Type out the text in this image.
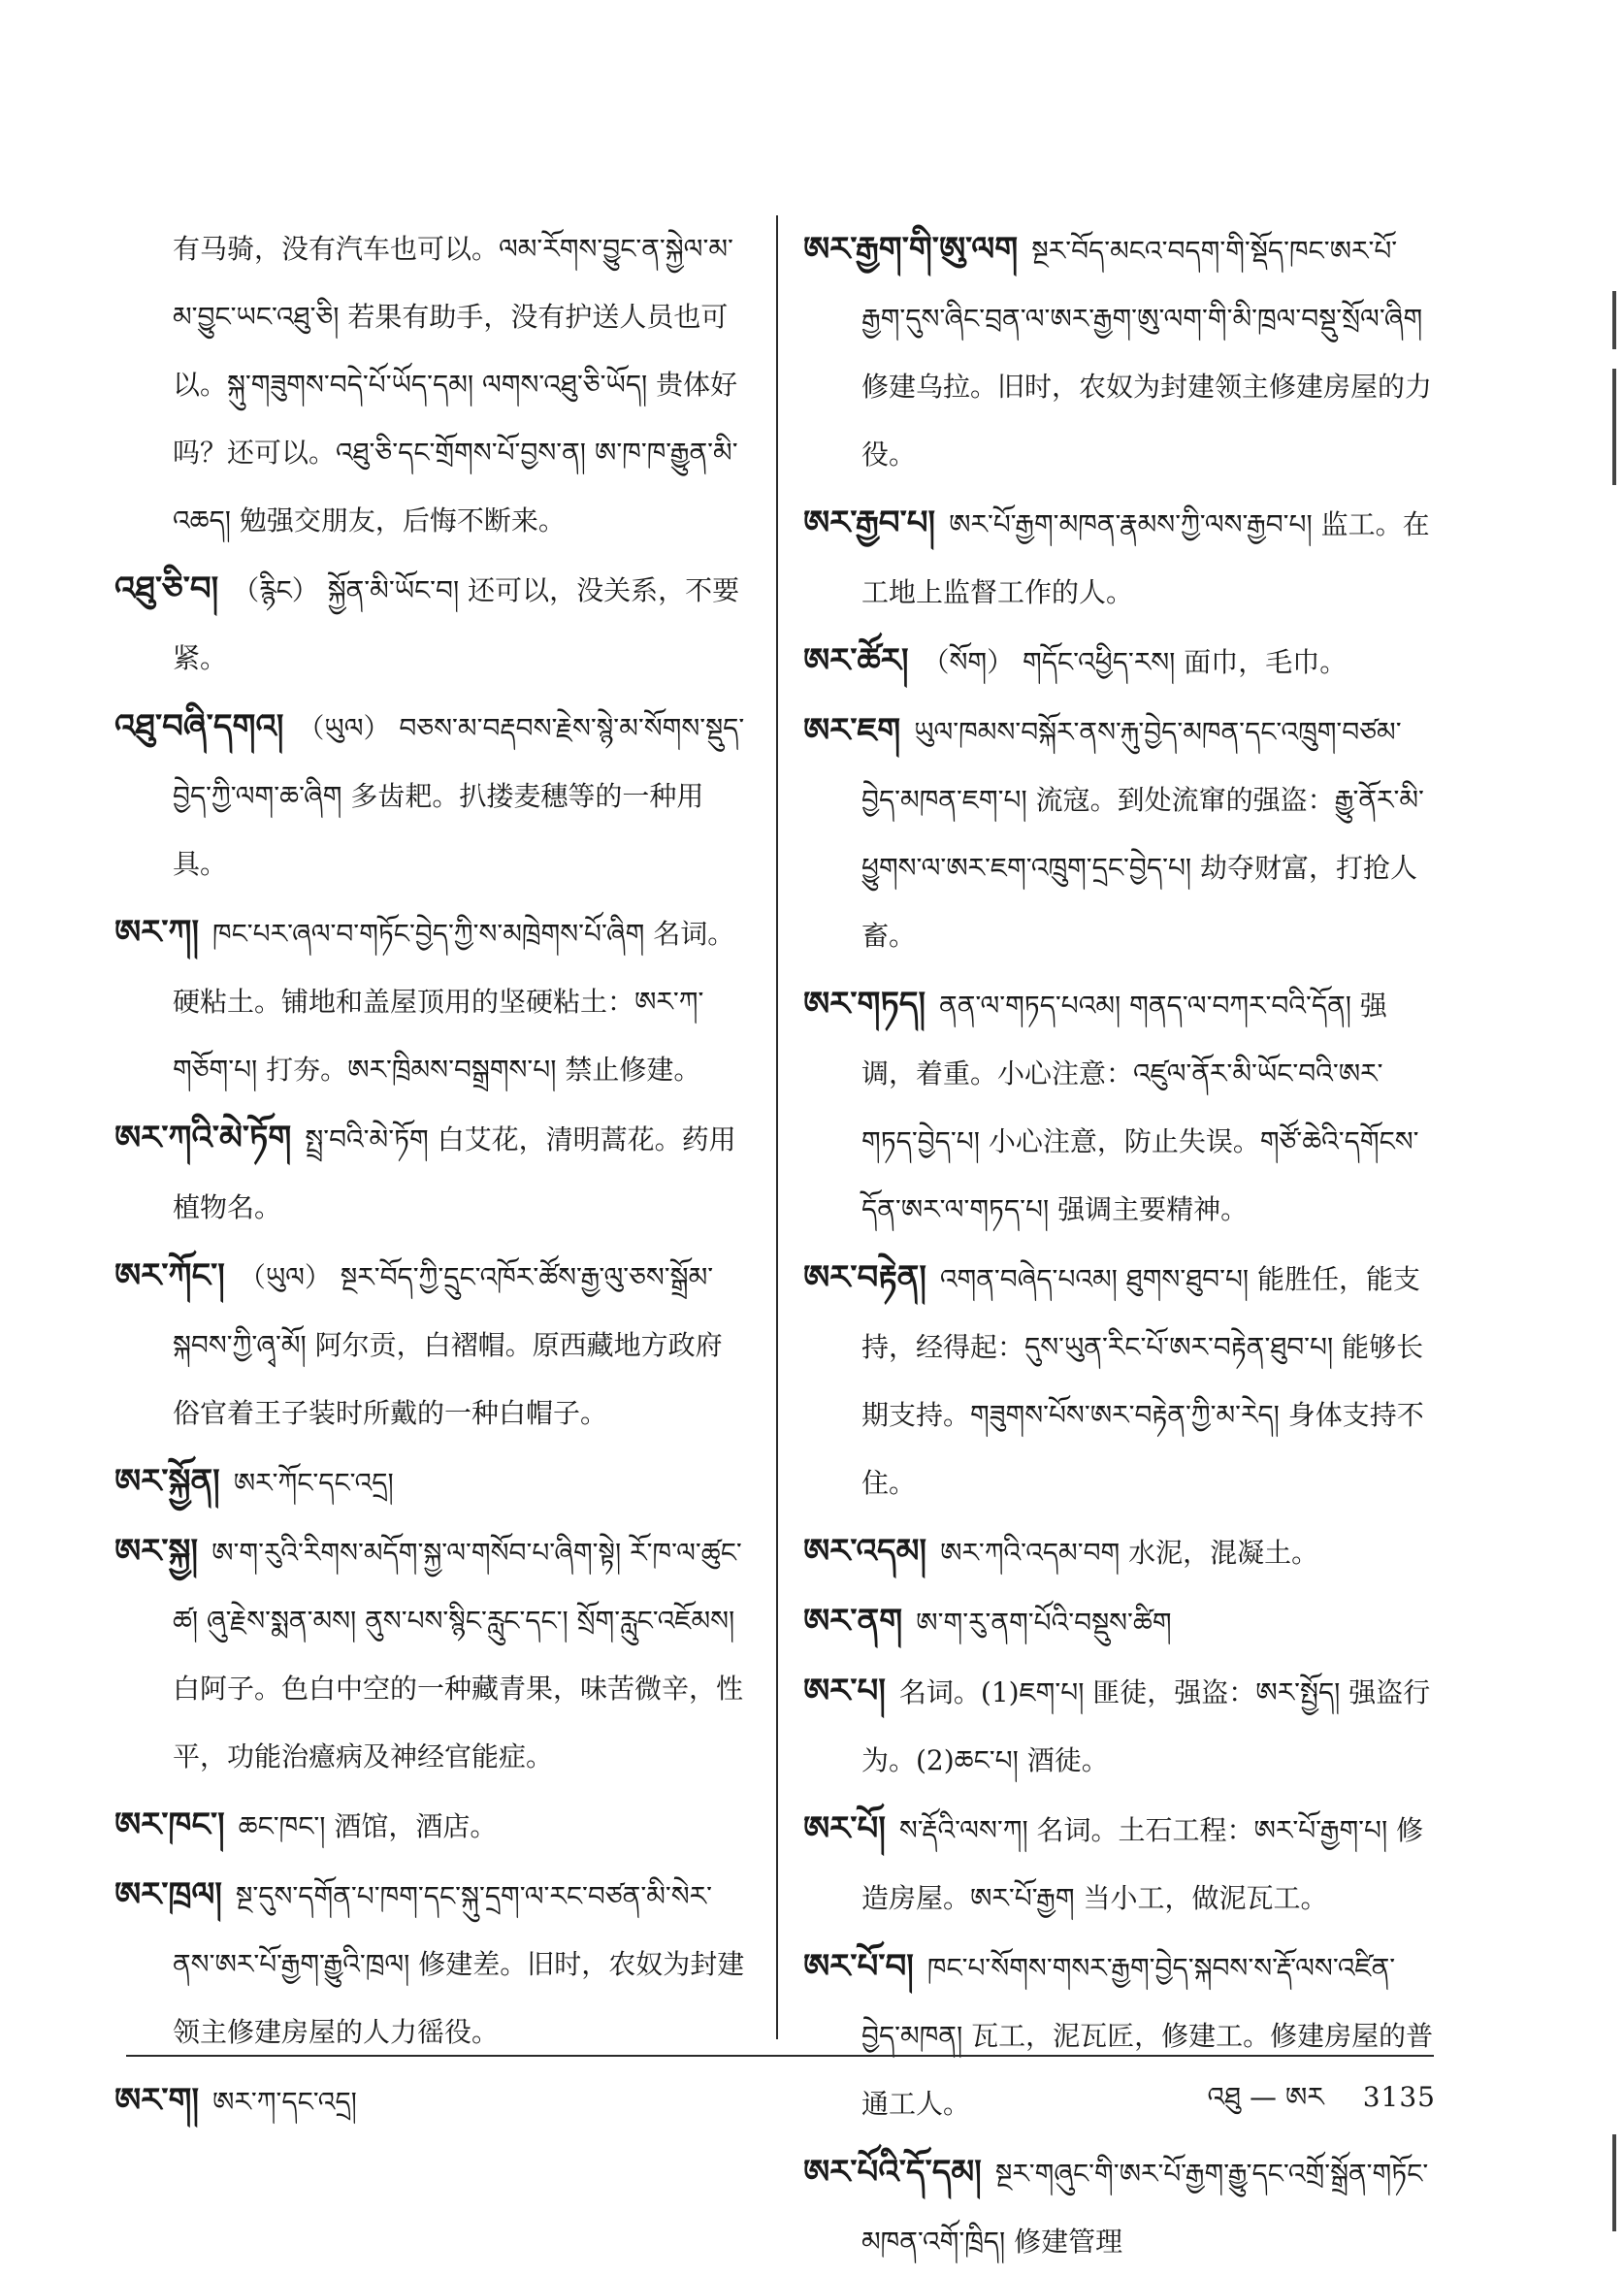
有马骑，没有汽车也可以。ལམ་ཪོགས་བྱུང་ན་སྐྱེལ་མ་མ་བྱུང་ཡང་འཐུ་ཅི། 若果有助手，没有护送人员也可以。སྐུ་གཟུགས་བདེ་པོ་ཡོད་དམ། ལགས་འཐུ་ཅི་ཡོད། 贵体好吗？还可以。འཐུ་ཅི་དང་གྲོགས་པོ་བྱས་ན། ཨ་ཁ་ཁ་རྒྱུན་མི་འཆད། 勉强交朋友，后悔不断来。

འཐུ་ཅི་བ། （རྙིང） སྐྱོན་མི་ཡོང་བ། 还可以，没关系，不要紧。

འཐུ་བཞི་དགའ། （ཡུལ） བཅས་མ་བརྡབས་རྗེས་སྙེ་མ་སོགས་སྡུད་བྱེད་ཀྱི་ལག་ཆ་ཞིག 多齿耙。扒搂麦穗等的一种用具。

ཨར་ཀ། ཁང་པར་ཞལ་བ་གཏོང་བྱེད་ཀྱི་ས་མཁྲེགས་པོ་ཞིག 名词。硬粘土。铺地和盖屋顶用的坚硬粘土：ཨར་ཀ་གཅོག་པ། 打夯。ཨར་ཁྲིམས་བསྒྲགས་པ། 禁止修建。

ཨར་ཀའི་མེ་ཏོག སྤྲ་བའི་མེ་ཏོག 白艾花，清明蒿花。药用植物名。

ཨར་ཀོང་། （ཡུལ） སྔར་བོད་ཀྱི་དྲུང་འཁོར་ཚོས་རྒྱ་ལུ་ཅས་སྒྲོམ་སྐབས་ཀྱི་ཞྭ་མོ། 阿尔贡，白褶帽。原西藏地方政府俗官着王子装时所戴的一种白帽子。

ཨར་སྐྱོན། ཨར་ཀོང་དང་འདྲ།

ཨར་སྐྱ། ཨ་ག་རུའི་རིགས་མདོག་སྐྱ་ལ་གསོབ་པ་ཞིག་སྟེ། རོ་ཁ་ལ་ཚུང་ཚ། ཞུ་རྗེས་སྨན་མས། ནུས་པས་སྙིང་རླུང་དང་། སྲོག་རླུང་འཇོམས། 白阿子。色白中空的一种藏青果，味苦微辛，性平，功能治癔病及神经官能症。

ཨར་ཁང་། ཆང་ཁང་། 酒馆，酒店。

ཨར་ཁྲལ། སྔ་དུས་དགོན་པ་ཁག་དང་སྐུ་དྲག་ལ་རང་བཙན་མི་སེར་ནས་ཨར་པོ་རྒྱག་རྒྱུའི་ཁྲལ། 修建差。旧时，农奴为封建领主修建房屋的人力徭役。

ཨར་ག། ཨར་ཀ་དང་འདྲ།

ཨར་རྒྱག་གི་ཨུ་ལག སྔར་བོད་མངའ་བདག་གི་སྡོད་ཁང་ཨར་པོ་རྒྱག་དུས་ཞིང་བྲན་ལ་ཨར་རྒྱག་ཨུ་ལག་གི་མི་ཁྲལ་བསྡུ་སྲོལ་ཞིག 修建乌拉。旧时，农奴为封建领主修建房屋的力役。

ཨར་རྒྱབ་པ། ཨར་པོ་རྒྱག་མཁན་རྣམས་ཀྱི་ལས་རྒྱབ་པ། 监工。在工地上监督工作的人。

ཨར་ཚོར། （སོག） གདོང་འཕྱིད་རས། 面巾，毛巾。

ཨར་ཇག ཡུལ་ཁམས་བསྐོར་ནས་རྐུ་བྱེད་མཁན་དང་འཁྲུག་བཙམ་བྱེད་མཁན་ཇག་པ། 流寇。到处流窜的强盗：རྒྱུ་ནོར་མི་ཕྱུགས་ལ་ཨར་ཇག་འཁྲུག་དྲང་བྱེད་པ། 劫夺财富，打抢人畜。

ཨར་གཏད། ནན་ལ་གཏད་པའམ། གནད་ལ་བཀར་བའི་དོན། 强调，着重。小心注意：འཛུལ་ནོར་མི་ཡོང་བའི་ཨར་གཏད་བྱེད་པ། 小心注意，防止失误。གཙོ་ཆེའི་དགོངས་དོན་ཨར་ལ་གཏད་པ། 强调主要精神。

ཨར་བརྟེན། འགན་བཞེད་པའམ། ཐུགས་ཐུབ་པ། 能胜任，能支持，经得起：དུས་ཡུན་རིང་པོ་ཨར་བརྟེན་ཐུབ་པ། 能够长期支持。གཟུགས་པོས་ཨར་བརྟེན་ཀྱི་མ་རེད། 身体支持不住。

ཨར་འདམ། ཨར་ཀའི་འདམ་བག 水泥，混凝土。

ཨར་ནག ཨ་ག་རུ་ནག་པོའི་བསྡུས་ཚིག

ཨར་པ། 名词。(1)ཇག་པ། 匪徒，强盗：ཨར་སྤྱོད། 强盗行为。(2)ཆང་པ། 酒徒。

ཨར་པོ། ས་རྡོའི་ལས་ཀ། 名词。土石工程：ཨར་པོ་རྒྱག་པ། 修造房屋。ཨར་པོ་རྒྱག 当小工，做泥瓦工。

ཨར་པོ་བ། ཁང་པ་སོགས་གསར་རྒྱག་བྱེད་སྐབས་ས་རྡོ་ལས་འཛིན་བྱེད་མཁན། 瓦工，泥瓦匠，修建工。修建房屋的普通工人。

ཨར་པོའི་དོ་དམ། སྔར་གཞུང་གི་ཨར་པོ་རྒྱག་རྒྱུ་དང་འགྲོ་སྒྲོན་གཏོང་མཁན་འགོ་ཁྲིད། 修建管理

འཐུ — ཨར 3135
